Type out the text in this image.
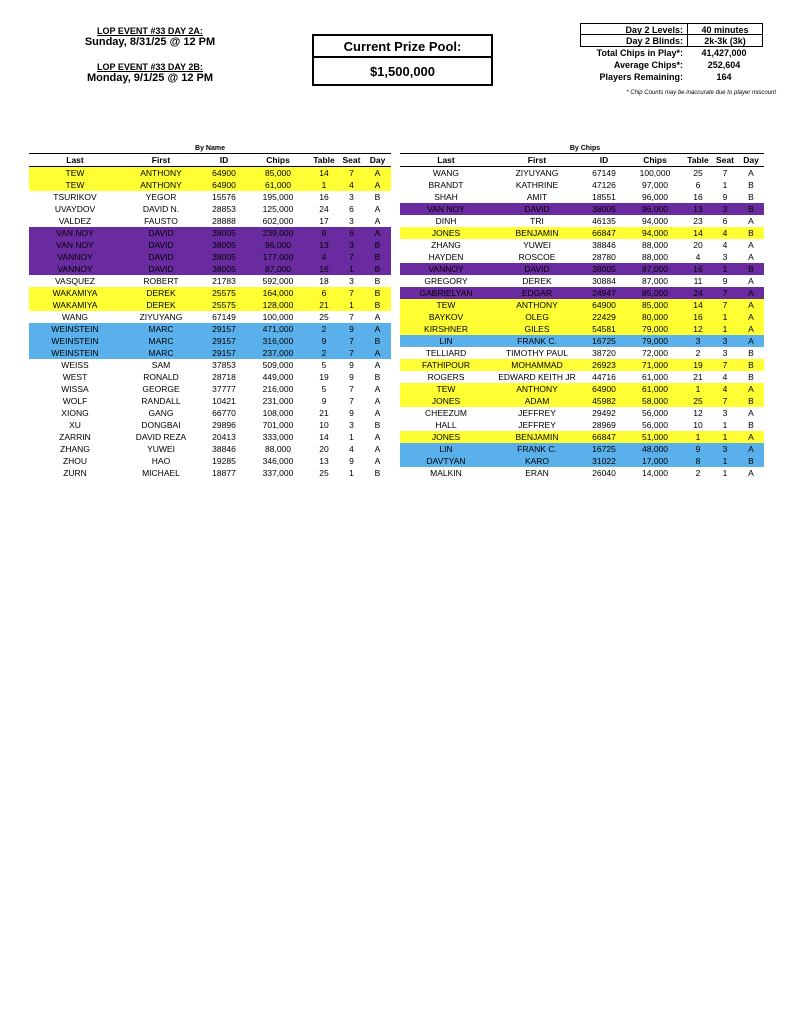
LOP EVENT #33 DAY 2A:
Sunday, 8/31/25 @ 12 PM
LOP EVENT #33 DAY 2B:
Monday, 9/1/25 @ 12 PM
Current Prize Pool:
$1,500,000
Day 2 Levels:	40 minutes
Day 2 Blinds:	2k-3k (3k)
Total Chips in Play*:	41,427,000
Average Chips*:	252,604
Players Remaining:	164
* Chip Counts may be inaccurate due to player miscount
By Name	By Chips
Last	First	ID	Chips	Table	Seat	Day
TEW	ANTHONY	64900	85,000	14	7	A
TEW	ANTHONY	64900	61,000	1	4	A
TSURIKOV	YEGOR	15576	195,000	16	3	B
UVAYDOV	DAVID N.	28853	125,000	24	6	A
VALDEZ	FAUSTO	28888	602,000	17	3	A
VAN NOY	DAVID	38005	239,000	9	6	A
VAN NOY	DAVID	38005	96,000	13	3	B
VANNOY	DAVID	38005	177,000	4	7	B
VANNOY	DAVID	38005	87,000	16	1	B
VASQUEZ	ROBERT	21783	592,000	18	3	B
WAKAMIYA	DEREK	25575	164,000	6	7	B
WAKAMIYA	DEREK	25575	128,000	21	1	B
WANG	ZIYUYANG	67149	100,000	25	7	A
WEINSTEIN	MARC	29157	471,000	2	9	A
WEINSTEIN	MARC	29157	316,000	9	7	B
WEINSTEIN	MARC	29157	237,000	2	7	A
WEISS	SAM	37853	509,000	5	9	A
WEST	RONALD	28718	449,000	19	9	B
WISSA	GEORGE	37777	216,000	5	7	A
WOLF	RANDALL	10421	231,000	9	7	A
XIONG	GANG	66770	108,000	21	9	A
XU	DONGBAI	29896	701,000	10	3	B
ZARRIN	DAVID REZA	20413	333,000	14	1	A
ZHANG	YUWEI	38846	88,000	20	4	A
ZHOU	HAO	19285	346,000	13	9	A
ZURN	MICHAEL	18877	337,000	25	1	B
Last	First	ID	Chips	Table	Seat	Day
WANG	ZIYUYANG	67149	100,000	25	7	A
BRANDT	KATHRINE	47126	97,000	6	1	B
SHAH	AMIT	18551	96,000	16	9	B
VAN NOY	DAVID	38005	96,000	13	3	B
DINH	TRI	46135	94,000	23	6	A
JONES	BENJAMIN	66847	94,000	14	4	B
ZHANG	YUWEI	38846	88,000	20	4	A
HAYDEN	ROSCOE	28780	88,000	4	3	A
VANNOY	DAVID	38005	87,000	16	1	B
GREGORY	DEREK	30884	87,000	11	9	A
GABRIELYAN	EDGAR	24947	85,000	24	7	A
TEW	ANTHONY	64900	85,000	14	7	A
BAYKOV	OLEG	22429	80,000	16	1	A
KIRSHNER	GILES	54581	79,000	12	1	A
LIN	FRANK C.	16725	79,000	3	3	A
TELLIARD	TIMOTHY PAUL	38720	72,000	2	3	B
FATHIPOUR	MOHAMMAD	26923	71,000	19	7	B
ROGERS	EDWARD KEITH JR	44716	61,000	21	4	B
TEW	ANTHONY	64900	61,000	1	4	A
JONES	ADAM	45982	58,000	25	7	B
CHEEZUM	JEFFREY	29492	56,000	12	3	A
HALL	JEFFREY	28969	56,000	10	1	B
JONES	BENJAMIN	66847	51,000	1	1	A
LIN	FRANK C.	16725	48,000	9	3	A
DAVTYAN	KARO	31022	17,000	8	1	B
MALKIN	ERAN	26040	14,000	2	1	A
